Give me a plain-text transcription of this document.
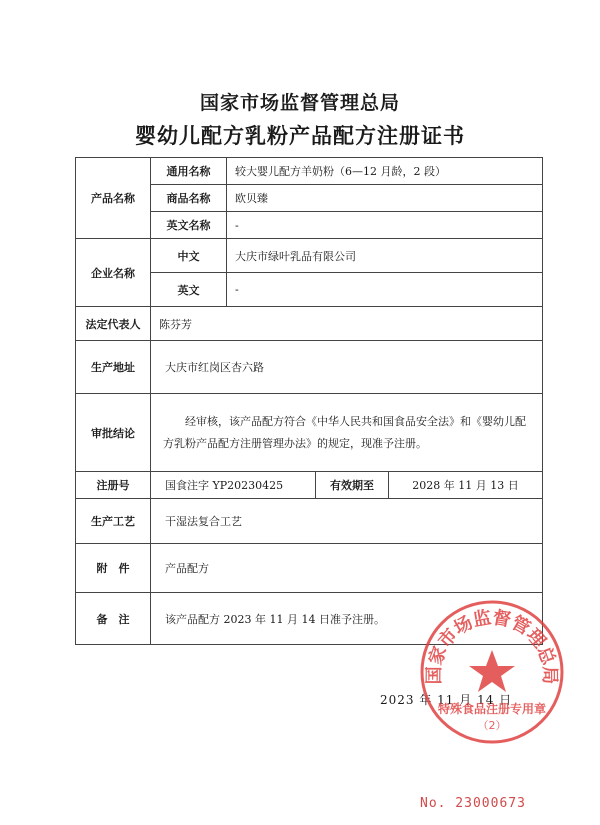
国家市场监督管理总局
婴幼儿配方乳粉产品配方注册证书
产品名称	通用名称	较大婴儿配方羊奶粉（6—12 月龄，2 段）		
	商品名称	欧贝臻		
	英文名称	-		
企业名称	中文	大庆市绿叶乳品有限公司		
	英文	-		
法定代表人	陈芬芳			
生产地址	大庆市红岗区杏六路			
审批结论	经审核，该产品配方符合《中华人民共和国食品安全法》和《婴幼儿配方乳粉产品配方注册管理办法》的规定，现准予注册。			
注册号	国食注字 YP20230425		有效期至	2028 年 11 月 13 日
生产工艺	干湿法复合工艺			
附　件	产品配方			
备　注	该产品配方 2023 年 11 月 14 日准予注册。			
2023 年 11 月 14 日
国家市场监督管理总局
特殊食品注册专用章
（2）
No. 23000673
